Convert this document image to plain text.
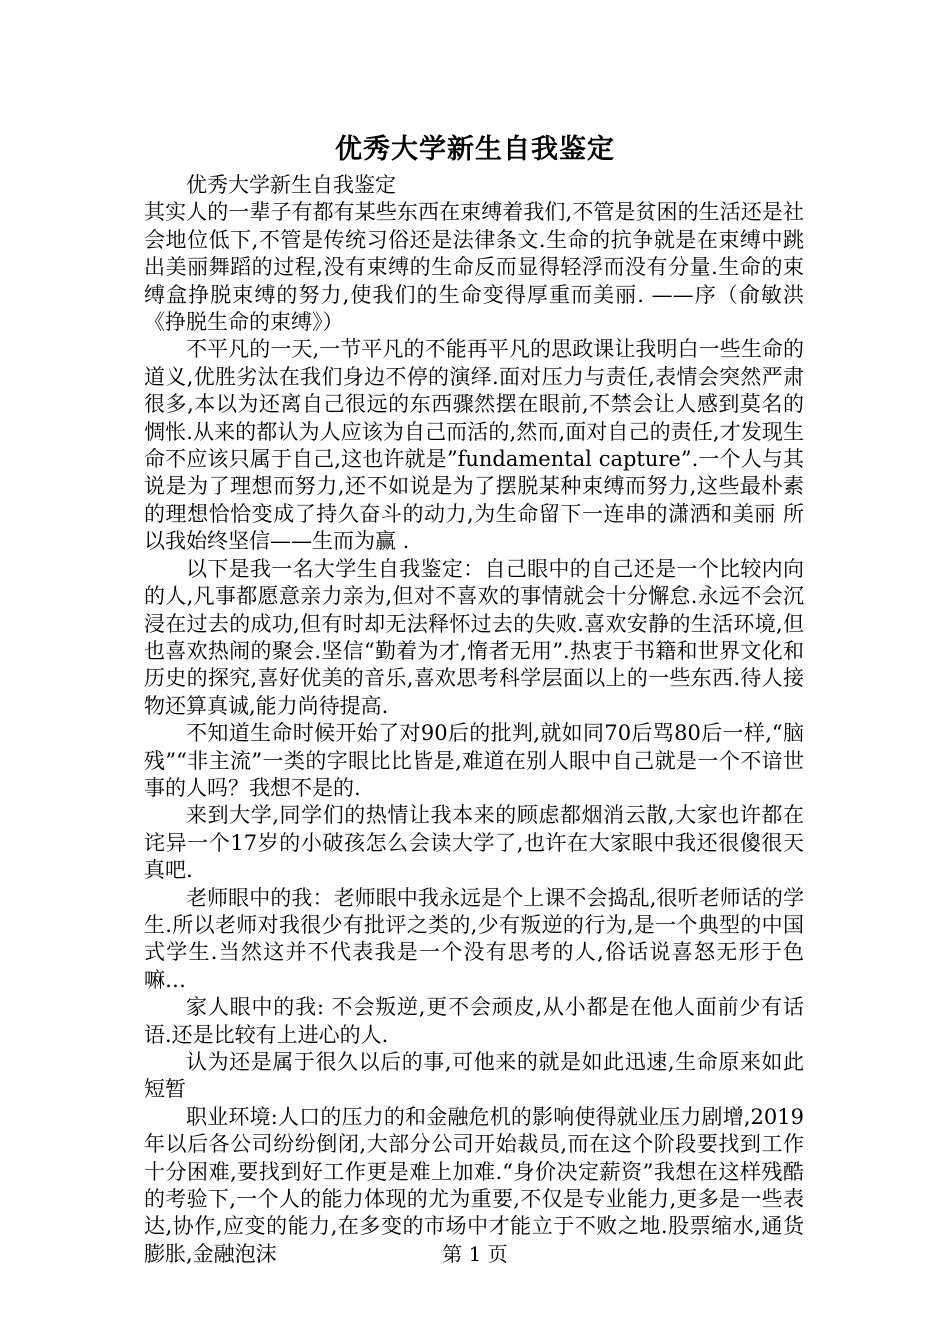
优秀大学新生自我鉴定

优秀大学新生自我鉴定

其实人的一辈子有都有某些东西在束缚着我们,不管是贫困的生活还是社会地位低下,不管是传统习俗还是法律条文.生命的抗争就是在束缚中跳出美丽舞蹈的过程,没有束缚的生命反而显得轻浮而没有分量.生命的束缚盒挣脱束缚的努力,使我们的生命变得厚重而美丽. ——序（俞敏洪《挣脱生命的束缚》）

不平凡的一天,一节平凡的不能再平凡的思政课让我明白一些生命的道义,优胜劣汰在我们身边不停的演绎.面对压力与责任,表情会突然严肃很多,本以为还离自己很远的东西骤然摆在眼前,不禁会让人感到莫名的惆怅.从来的都认为人应该为自己而活的,然而,面对自己的责任,才发现生命不应该只属于自己,这也许就是”fundamental capture”.一个人与其说是为了理想而努力,还不如说是为了摆脱某种束缚而努力,这些最朴素的理想恰恰变成了持久奋斗的动力,为生命留下一连串的潇洒和美丽 所以我始终坚信——生而为赢 .

以下是我一名大学生自我鉴定：自己眼中的自己还是一个比较内向的人,凡事都愿意亲力亲为,但对不喜欢的事情就会十分懈怠.永远不会沉浸在过去的成功,但有时却无法释怀过去的失败.喜欢安静的生活环境,但也喜欢热闹的聚会.坚信“勤着为才,惰者无用”.热衷于书籍和世界文化和历史的探究,喜好优美的音乐,喜欢思考科学层面以上的一些东西.待人接物还算真诚,能力尚待提高.

不知道生命时候开始了对90后的批判,就如同70后骂80后一样,“脑残”“非主流”一类的字眼比比皆是,难道在别人眼中自己就是一个不谙世事的人吗？我想不是的.

来到大学,同学们的热情让我本来的顾虑都烟消云散,大家也许都在诧异一个17岁的小破孩怎么会读大学了,也许在大家眼中我还很傻很天真吧.

老师眼中的我：老师眼中我永远是个上课不会捣乱,很听老师话的学生.所以老师对我很少有批评之类的,少有叛逆的行为,是一个典型的中国式学生.当然这并不代表我是一个没有思考的人,俗话说喜怒无形于色嘛…

家人眼中的我: 不会叛逆,更不会顽皮,从小都是在他人面前少有话语.还是比较有上进心的人.

认为还是属于很久以后的事,可他来的就是如此迅速,生命原来如此短暂

职业环境:人口的压力的和金融危机的影响使得就业压力剧增,2019年以后各公司纷纷倒闭,大部分公司开始裁员,而在这个阶段要找到工作十分困难,要找到好工作更是难上加难.“身价决定薪资”我想在这样残酷的考验下,一个人的能力体现的尤为重要,不仅是专业能力,更多是一些表达,协作,应变的能力,在多变的市场中才能立于不败之地.股票缩水,通货膨胀,金融泡沫	第 1 页
